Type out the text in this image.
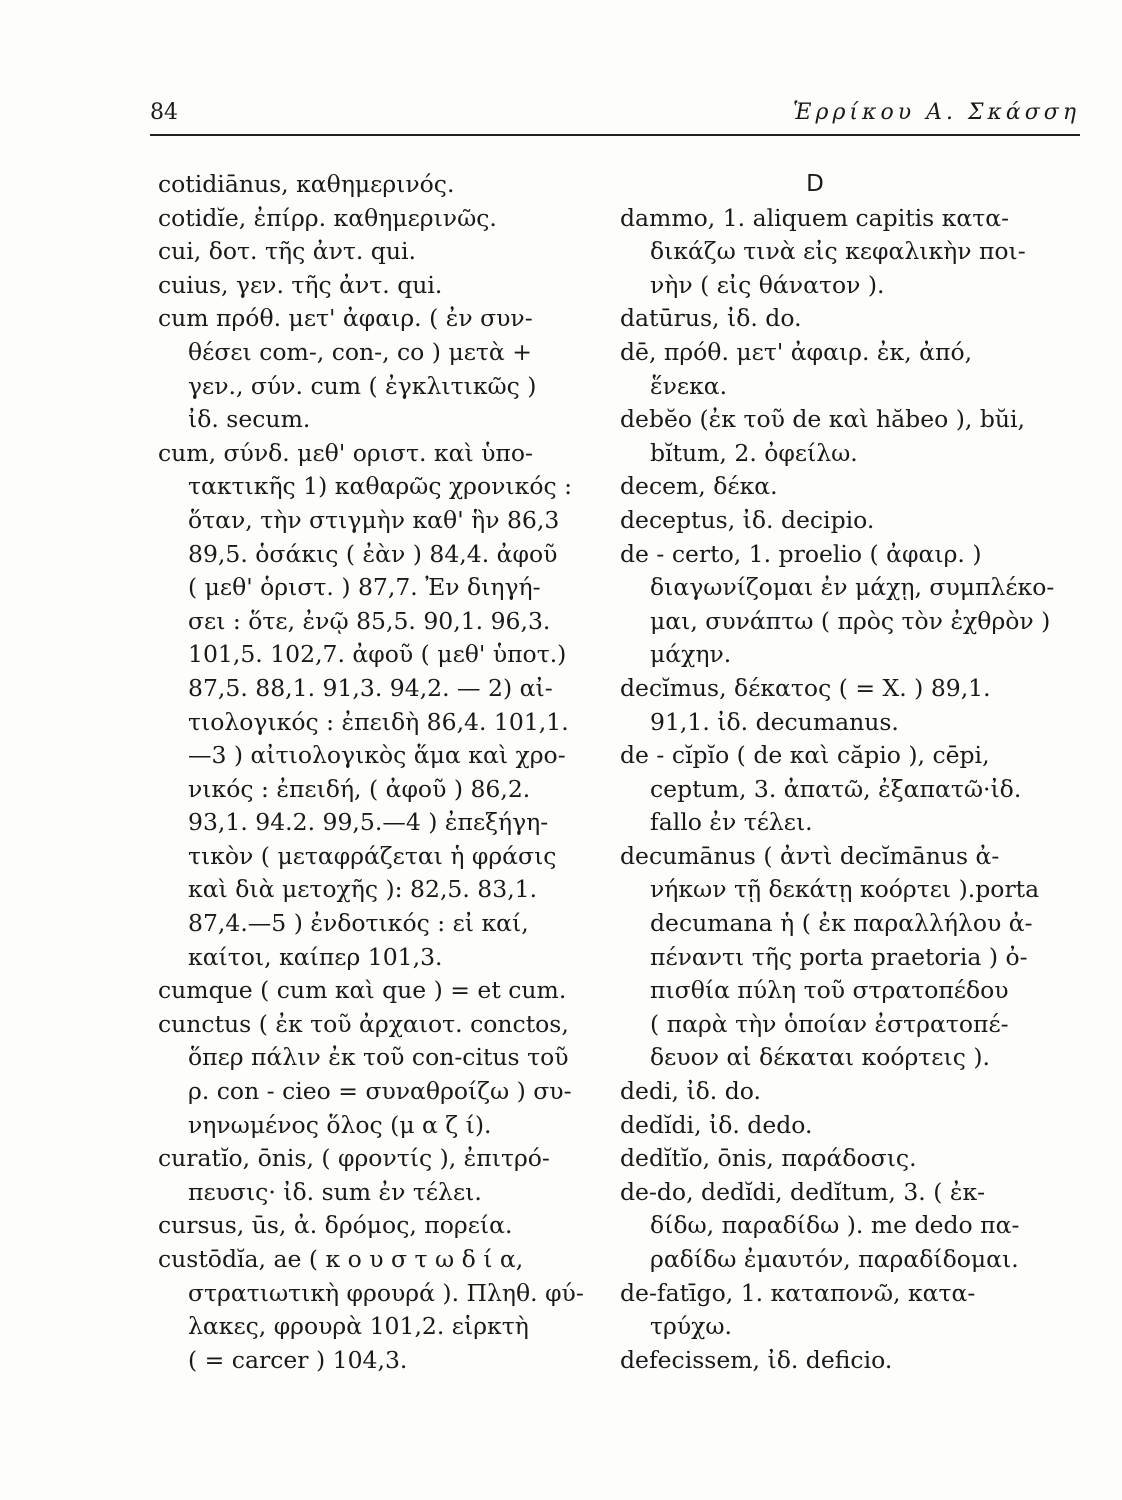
84	Ἑρρίκου Α. Σκάσση
cotidiānus, καθημερινός.
cotidĭe, ἐπίρρ. καθημερινῶς.
cui, δοτ. τῆς ἀντ. qui.
cuius, γεν. τῆς ἀντ. qui.
cum πρόθ. μετ' ἀφαιρ. ( ἐν συν-
θέσει com-, con-, co ) μετὰ +
γεν., σύν. cum ( ἐγκλιτικῶς )
ἰδ. secum.
cum, σύνδ. μεθ' οριστ. καὶ ὑπο-
τακτικῆς 1) καθαρῶς χρονικός :
ὅταν, τὴν στιγμὴν καθ' ἣν 86,3
89,5. ὁσάκις ( ἐὰν ) 84,4. ἀφοῦ
( μεθ' ὁριστ. ) 87,7. Ἐν διηγή-
σει : ὅτε, ἐνῷ 85,5. 90,1. 96,3.
101,5. 102,7. ἀφοῦ ( μεθ' ὑποτ.)
87,5. 88,1. 91,3. 94,2. — 2) αἰ-
τιολογικός : ἐπειδὴ 86,4. 101,1.
—3 ) αἰτιολογικὸς ἅμα καὶ χρο-
νικός : ἐπειδή, ( ἀφοῦ ) 86,2.
93,1. 94.2. 99,5.—4 ) ἐπεξήγη-
τικὸν ( μεταφράζεται ἡ φράσις
καὶ διὰ μετοχῆς ): 82,5. 83,1.
87,4.—5 ) ἐνδοτικός : εἰ καί,
καίτοι, καίπερ 101,3.
cumque ( cum καὶ que ) = et cum.
cunctus ( ἐκ τοῦ ἀρχαιοτ. conctos,
ὅπερ πάλιν ἐκ τοῦ con-citus τοῦ
ρ. con - cieo = συναθροίζω ) συ-
νηνωμένος ὅλος (μ α ζ ί).
curatĭo, ōnis, ( φροντίς ), ἐπιτρό-
πευσις· ἰδ. sum ἐν τέλει.
cursus, ūs, ἀ. δρόμος, πορεία.
custōdĭa, ae ( κ ο υ σ τ ω δ ί α,
στρατιωτικὴ φρουρά ). Πληθ. φύ-
λακες, φρουρὰ 101,2. εἱρκτὴ
( = carcer ) 104,3.
D
dammo, 1. aliquem capitis κατα-
δικάζω τινὰ εἰς κεφαλικὴν ποι-
νὴν ( εἰς θάνατον ).
datūrus, ἰδ. do.
dē, πρόθ. μετ' ἀφαιρ. ἐκ, ἀπό,
ἕνεκα.
debĕo (ἐκ τοῦ de καὶ hăbeo ), bŭi,
bĭtum, 2. ὀφείλω.
decem, δέκα.
deceptus, ἰδ. decipio.
de - certo, 1. proelio ( ἀφαιρ. )
διαγωνίζομαι ἐν μάχῃ, συμπλέκο-
μαι, συνάπτω ( πρὸς τὸν ἐχθρὸν )
μάχην.
decĭmus, δέκατος ( = X. ) 89,1.
91,1. ἰδ. decumanus.
de - cĭpĭo ( de καὶ căpio ), cēpi,
ceptum, 3. ἀπατῶ, ἐξαπατῶ·ἰδ.
fallo ἐν τέλει.
decumānus ( ἀντὶ decĭmānus ἀ-
νήκων τῇ δεκάτῃ κοόρτει ).porta
decumana ἡ ( ἐκ παραλλήλου ἀ-
πέναντι τῆς porta praetoria ) ὀ-
πισθία πύλη τοῦ στρατοπέδου
( παρὰ τὴν ὁποίαν ἐστρατοπέ-
δευον αἱ δέκαται κοόρτεις ).
dedi, ἰδ. do.
dedĭdi, ἰδ. dedo.
dedĭtĭo, ōnis, παράδοσις.
de-do, dedĭdi, dedĭtum, 3. ( ἐκ-
δίδω, παραδίδω ). me dedo πα-
ραδίδω ἐμαυτόν, παραδίδομαι.
de-fatīgo, 1. καταπονῶ, κατα-
τρύχω.
defecissem, ἰδ. deficio.
